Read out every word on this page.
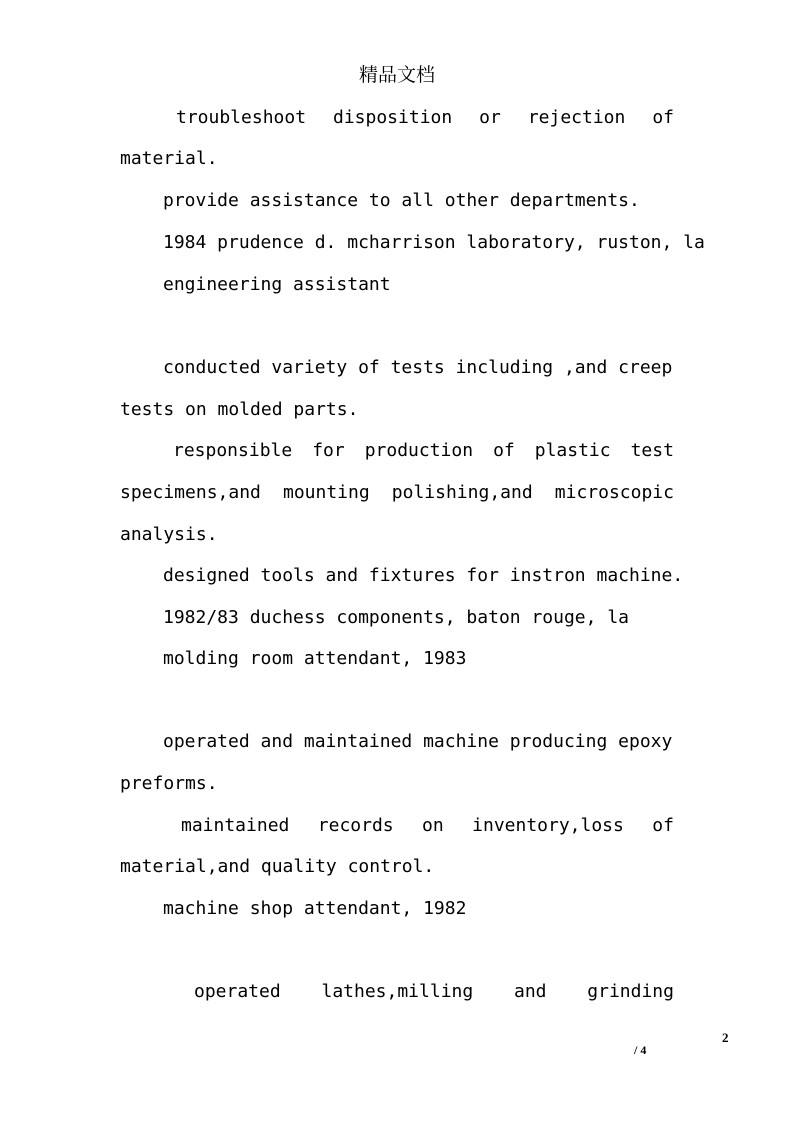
精品文档
troubleshoot disposition or rejection of
material.
provide assistance to all other departments.
1984 prudence d. mcharrison laboratory, ruston, la
engineering assistant
conducted variety of tests including ,and creep
tests on molded parts.
responsible for production of plastic test
specimens,and mounting polishing,and microscopic
analysis.
designed tools and fixtures for instron machine.
1982/83 duchess components, baton rouge, la
molding room attendant, 1983
operated and maintained machine producing epoxy
preforms.
maintained records on inventory,loss of
material,and quality control.
machine shop attendant, 1982
operated lathes,milling and grinding
2
/ 4
